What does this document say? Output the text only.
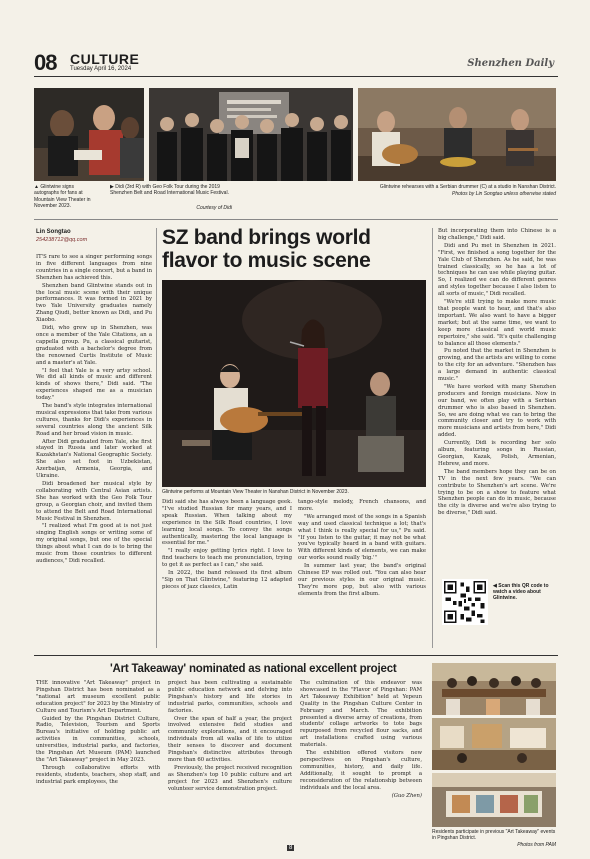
08 CULTURE
Tuesday April 16, 2024	Shenzhen Daily
▲ Glintwine signs autographs for fans at Mountain View Theater in November 2023.
▶ Didi (3rd R) with Geo Folk Tour during the 2019 Shenzhen Belt and Road International Music Festival.
Courtesy of Didi
Glintwine rehearses with a Serbian drummer (C) at a studio in Nanshan District.
Photos by Lin Songtao unless otherwise stated
Lin Songtao
254238712@qq.com	SZ band brings world
flavor to music scene

IT'S rare to see a singer performing songs in five different languages from nine countries in a single concert, but a band in Shenzhen has achieved this.

Shenzhen band Glintwine stands out in the local music scene with their unique performances. It was formed in 2021 by two Yale University graduates namely Zhang Qiudi, better known as Didi, and Pu Xiaobo.

Didi, who grew up in Shenzhen, was once a member of the Yale Citations, an a cappella group. Pu, a classical guitarist, graduated with a bachelor's degree from the renowned Curtis Institute of Music and a master's at Yale.

"I feel that Yale is a very artsy school. We did all kinds of music and different kinds of shows there," Didi said. "The experiences shaped me as a musician today."

The band's style integrates international musical expressions that take from various cultures, thanks for Didi's experiences in several countries along the ancient Silk Road and her broad vision in music.

After Didi graduated from Yale, she first stayed in Russia and later worked at Kazakhstan's National Geographic Society. She also set foot in Uzbekistan, Azerbaijan, Armenia, Georgia, and Ukraine.

Didi broadened her musical style by collaborating with Central Asian artists. She has worked with the Geo Folk Tour group, a Georgian choir, and invited them to attend the Belt and Road International Music Festival in Shenzhen.

"I realized what I'm good at is not just singing English songs or writing some of my original songs, but one of the special things about what I can do is to bring the music from those countries to different audiences," Didi recalled.

Glintwine performs at Mountain View Theater in Nanshan District in November 2023.

Didi said she has always been a language geek. "I've studied Russian for many years, and I speak Russian. When talking about my experience in the Silk Road countries, I love learning local songs. To convey the songs authentically, mastering the local language is essential for me."

"I really enjoy getting lyrics right. I love to find teachers to teach me pronunciation, trying to get it as perfect as I can," she said.

In 2022, the band released its first album "Sip on That Glintwine," featuring 12 adapted pieces of jazz classics, Latin

tango-style melody, French chansons, and more.

"We arranged most of the songs in a Spanish way and used classical technique a lot; that's what I think is really special for us," Pu said. "If you listen to the guitar, it may not be what you've typically heard in a band with guitars. With different kinds of elements, we can make our works sound really 'big.'"

In summer last year, the band's original Chinese EP was rolled out. "You can also hear our previous styles in our original music. They're more pop, but also with various elements from the first album.

But incorporating them into Chinese is a big challenge," Didi said.

Didi and Pu met in Shenzhen in 2021. "First, we finished a song together for the Yale Club of Shenzhen. As he said, he was trained classically, so he has a lot of techniques he can use while playing guitar. So, I realized we can do different genres and styles together because I also listen to all sorts of music," Didi recalled.

"We're still trying to make more music that people want to hear, and that's also important. We also want to have a bigger market; but at the same time, we want to keep more classical and world music repertoire," she said. "It's quite challenging to balance all those elements."

Pu noted that the market in Shenzhen is growing, and the artists are willing to come to the city for an adventure. "Shenzhen has a large demand in authentic classical music."

"We have worked with many Shenzhen producers and foreign musicians. Now in our band, we often play with a Serbian drummer who is also based in Shenzhen. So, we are doing what we can to bring the community closer and try to work with more musicians and artists from here," Didi added.

Currently, Didi is recording her solo album, featuring songs in Russian, Georgian, Kazak, Polish, Armenian, Hebrew, and more.

The band members hope they can be on TV in the next few years. "We can contribute to Shenzhen's art scene. We're trying to be on a show to feature what Shenzhen people can do in music, because the city is diverse and we're also trying to be diverse," Didi said.

◀ Scan this QR code to watch a video about Glintwine.
'Art Takeaway' nominated as national excellent project

THE innovative "Art Takeaway" project in Pingshan District has been nominated as a "national art museum excellent public education project" for 2023 by the Ministry of Culture and Tourism's Art Department.

Guided by the Pingshan District Culture, Radio, Television, Tourism and Sports Bureau's initiative of holding public art activities in communities, schools, universities, industrial parks, and factories, the Pingshan Art Museum (PAM) launched the "Art Takeaway" project in May 2023.

Through collaborative efforts with residents, students, teachers, shop staff, and industrial park employees, the

project has been cultivating a sustainable public education network and delving into Pingshan's history and life stories in industrial parks, communities, schools and factories.

Over the span of half a year, the project involved extensive field studies and community explorations, and it encouraged individuals from all walks of life to utilize their senses to discover and document Pingshan's distinctive attributes through more than 60 activities.

Previously, the project received recognition as Shenzhen's top 10 public culture and art project for 2023 and Shenzhen's culture volunteer service demonstration project.

The culmination of this endeavor was showcased in the "Flavor of Pingshan: PAM Art Takeaway Exhibition" held at Yepeun Quality in the Pingshan Culture Center in February and March. The exhibition presented a diverse array of creations, from students' collage artworks to tote bags repurposed from recycled flour sacks, and art installations crafted using various materials.

The exhibition offered visitors new perspectives on Pingshan's culture, communities, history, and daily life. Additionally, it sought to prompt a reconsideration of the relationship between individuals and the local area.

(Guo Zhen)
Residents participate in previous "Art Takeaway" events in Pingshan District.
Photos from PAM
8
